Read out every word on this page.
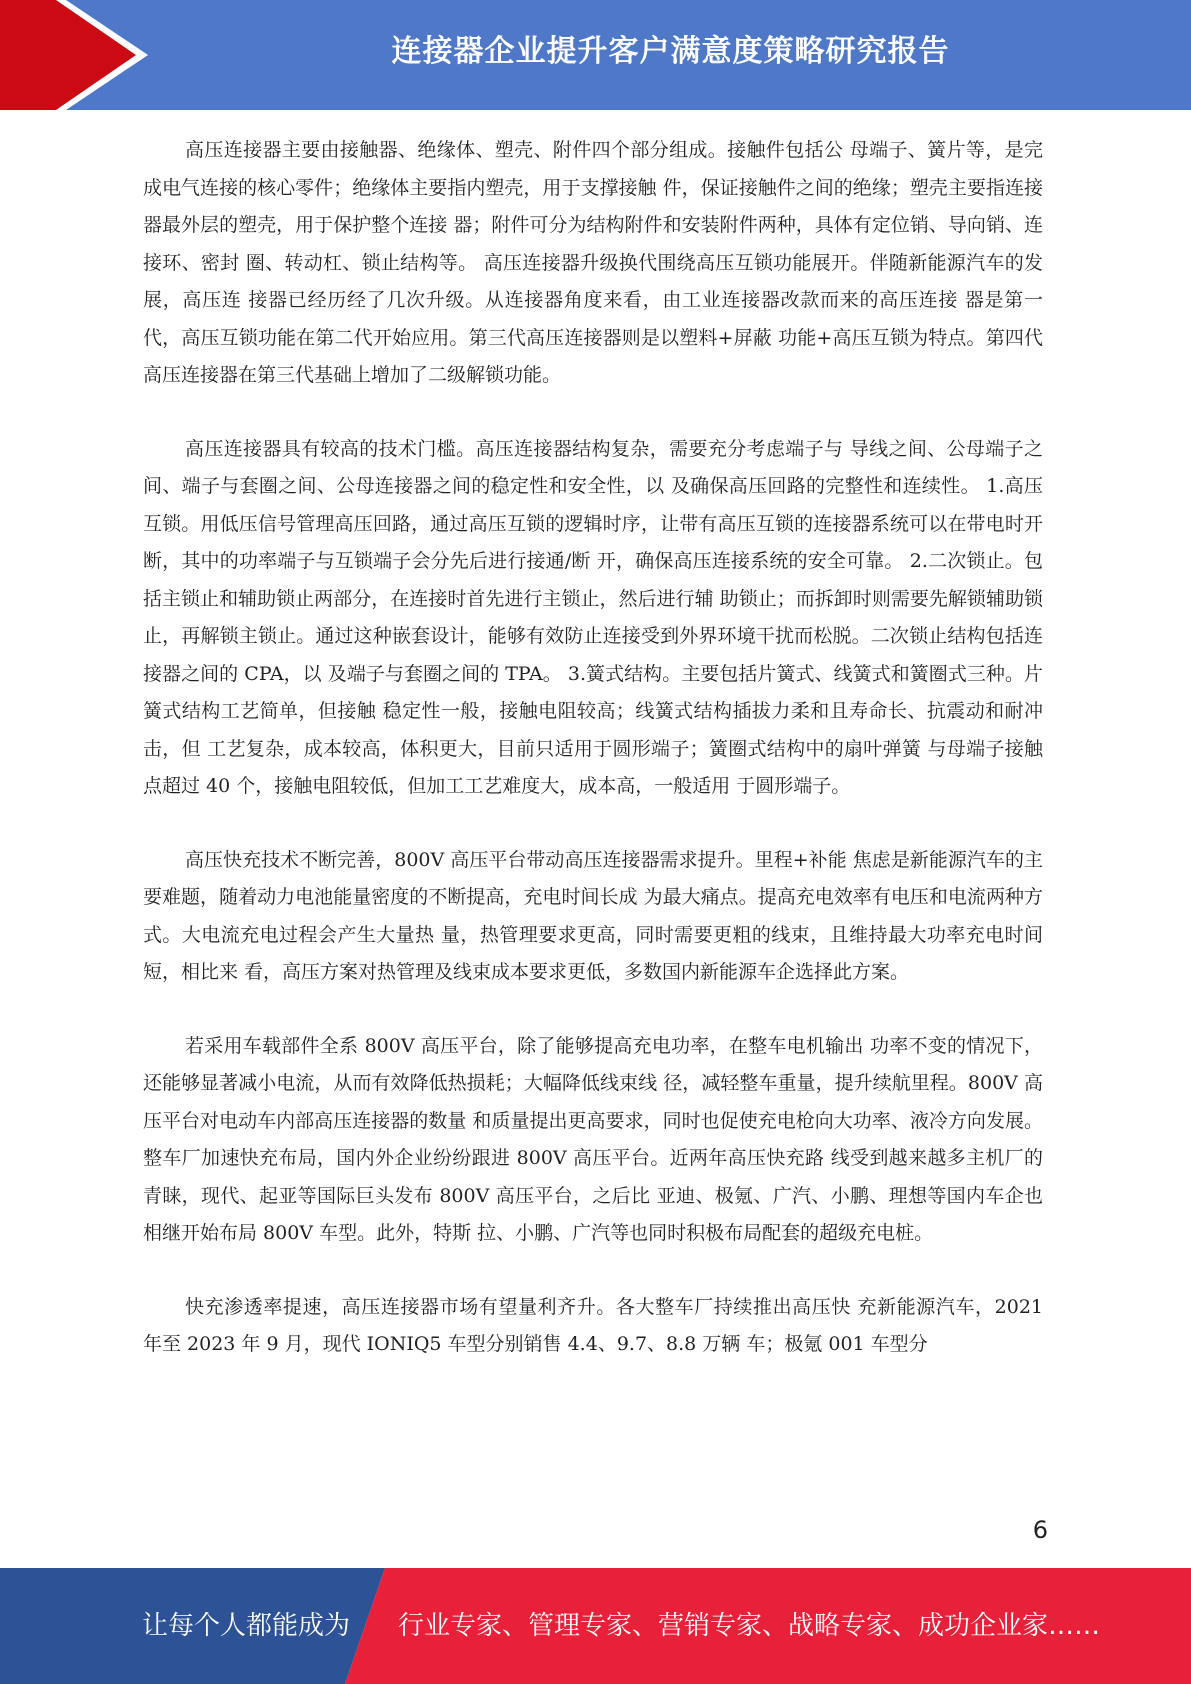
连接器企业提升客户满意度策略研究报告

高压连接器主要由接触器、绝缘体、塑壳、附件四个部分组成。接触件包括公 母端子、簧片等，是完成电气连接的核心零件；绝缘体主要指内塑壳，用于支撑接触 件，保证接触件之间的绝缘；塑壳主要指连接器最外层的塑壳，用于保护整个连接 器；附件可分为结构附件和安装附件两种，具体有定位销、导向销、连接环、密封 圈、转动杠、锁止结构等。 高压连接器升级换代围绕高压互锁功能展开。伴随新能源汽车的发展，高压连 接器已经历经了几次升级。从连接器角度来看，由工业连接器改款而来的高压连接 器是第一代，高压互锁功能在第二代开始应用。第三代高压连接器则是以塑料+屏蔽 功能+高压互锁为特点。第四代高压连接器在第三代基础上增加了二级解锁功能。

高压连接器具有较高的技术门槛。高压连接器结构复杂，需要充分考虑端子与 导线之间、公母端子之间、端子与套圈之间、公母连接器之间的稳定性和安全性，以 及确保高压回路的完整性和连续性。 1.高压互锁。用低压信号管理高压回路，通过高压互锁的逻辑时序，让带有高压互锁的连接器系统可以在带电时开断，其中的功率端子与互锁端子会分先后进行接通/断 开，确保高压连接系统的安全可靠。 2.二次锁止。包括主锁止和辅助锁止两部分，在连接时首先进行主锁止，然后进行辅 助锁止；而拆卸时则需要先解锁辅助锁止，再解锁主锁止。通过这种嵌套设计，能够有效防止连接受到外界环境干扰而松脱。二次锁止结构包括连接器之间的 CPA，以 及端子与套圈之间的 TPA。 3.簧式结构。主要包括片簧式、线簧式和簧圈式三种。片簧式结构工艺简单，但接触 稳定性一般，接触电阻较高；线簧式结构插拔力柔和且寿命长、抗震动和耐冲击，但 工艺复杂，成本较高，体积更大，目前只适用于圆形端子；簧圈式结构中的扇叶弹簧 与母端子接触点超过 40 个，接触电阻较低，但加工工艺难度大，成本高，一般适用 于圆形端子。

高压快充技术不断完善，800V 高压平台带动高压连接器需求提升。里程+补能 焦虑是新能源汽车的主要难题，随着动力电池能量密度的不断提高，充电时间长成 为最大痛点。提高充电效率有电压和电流两种方式。大电流充电过程会产生大量热 量，热管理要求更高，同时需要更粗的线束，且维持最大功率充电时间短，相比来 看，高压方案对热管理及线束成本要求更低，多数国内新能源车企选择此方案。

若采用车载部件全系 800V 高压平台，除了能够提高充电功率，在整车电机输出 功率不变的情况下，还能够显著减小电流，从而有效降低热损耗；大幅降低线束线 径，减轻整车重量，提升续航里程。800V 高压平台对电动车内部高压连接器的数量 和质量提出更高要求，同时也促使充电枪向大功率、液冷方向发展。 整车厂加速快充布局，国内外企业纷纷跟进 800V 高压平台。近两年高压快充路 线受到越来越多主机厂的青睐，现代、起亚等国际巨头发布 800V 高压平台，之后比 亚迪、极氪、广汽、小鹏、理想等国内车企也相继开始布局 800V 车型。此外，特斯 拉、小鹏、广汽等也同时积极布局配套的超级充电桩。

快充渗透率提速，高压连接器市场有望量利齐升。各大整车厂持续推出高压快 充新能源汽车，2021 年至 2023 年 9 月，现代 IONIQ5 车型分别销售 4.4、9.7、8.8 万辆 车；极氪 001 车型分

6
让每个人都能成为 行业专家、管理专家、营销专家、战略专家、成功企业家……
